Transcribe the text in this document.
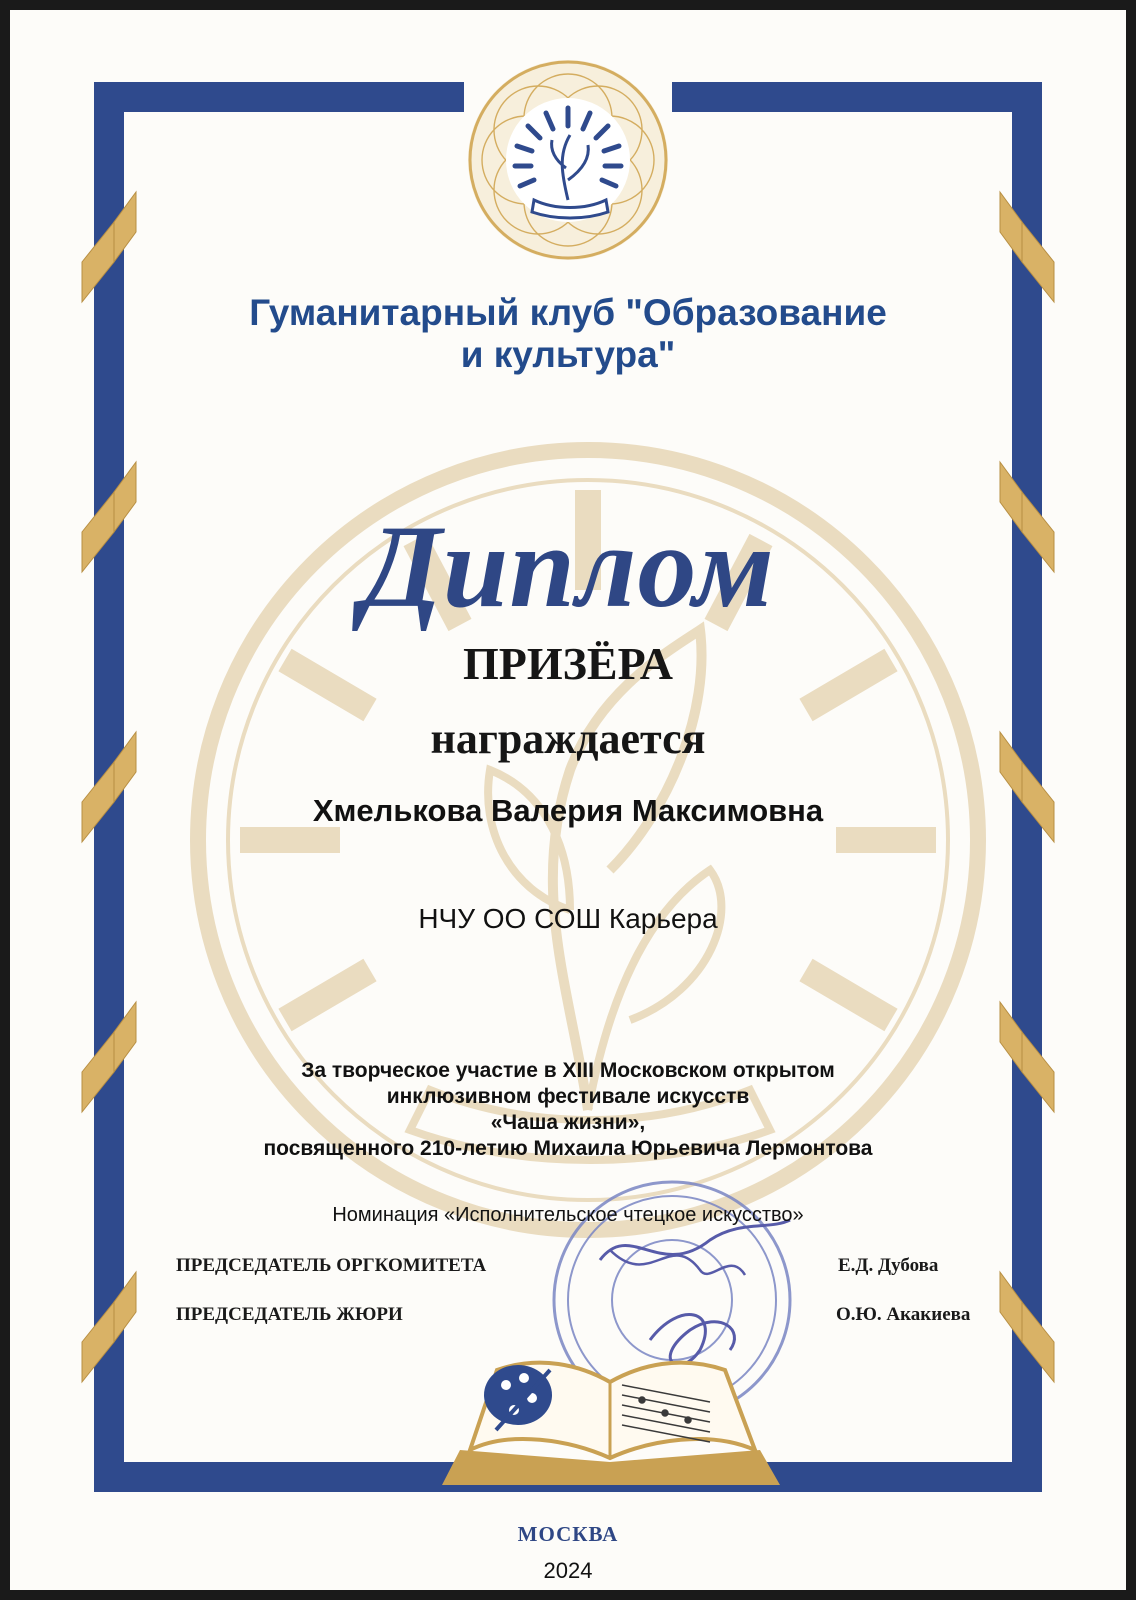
Гуманитарный клуб "Образование и культура"

Диплом

ПРИЗЁРА

награждается

Хмелькова Валерия Максимовна

НЧУ ОО СОШ Карьера

За творческое участие в XIII Московском открытом
инклюзивном фестивале искусств
«Чаша жизни»,
посвященного 210-летию Михаила Юрьевича Лермонтова

Номинация «Исполнительское чтецкое искусство»

ПРЕДСЕДАТЕЛЬ ОРГКОМИТЕТА	Е.Д. Дубова

ПРЕДСЕДАТЕЛЬ ЖЮРИ	О.Ю. Акакиева

МОСКВА

2024
